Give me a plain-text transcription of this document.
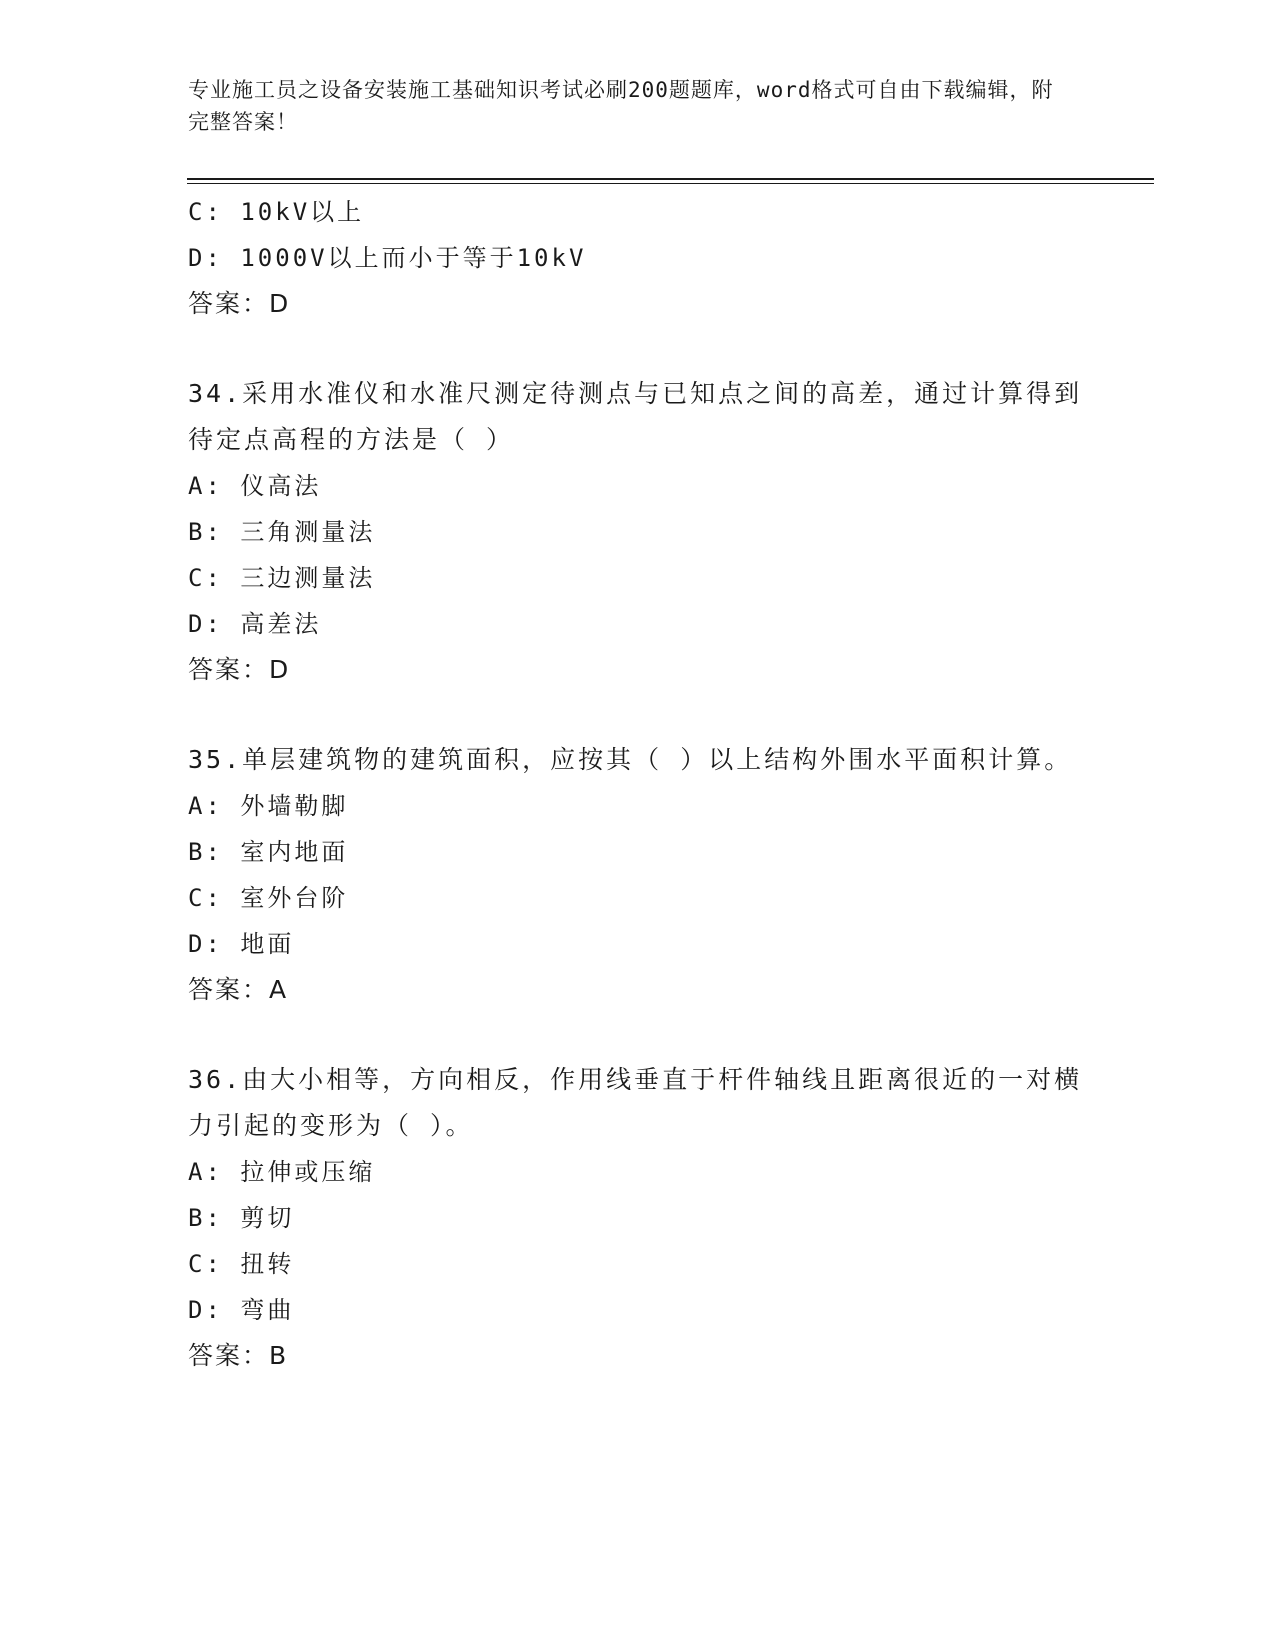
专业施工员之设备安装施工基础知识考试必刷200题题库，word格式可自由下载编辑，附完整答案！
C: 10kV以上
D: 1000V以上而小于等于10kV
答案：D
34.采用水准仪和水准尺测定待测点与已知点之间的高差，通过计算得到待定点高程的方法是（ ）
A: 仪高法
B: 三角测量法
C: 三边测量法
D: 高差法
答案：D
35.单层建筑物的建筑面积，应按其（ ）以上结构外围水平面积计算。
A: 外墙勒脚
B: 室内地面
C: 室外台阶
D: 地面
答案：A
36.由大小相等，方向相反，作用线垂直于杆件轴线且距离很近的一对横力引起的变形为（ ）。
A: 拉伸或压缩
B: 剪切
C: 扭转
D: 弯曲
答案：B
